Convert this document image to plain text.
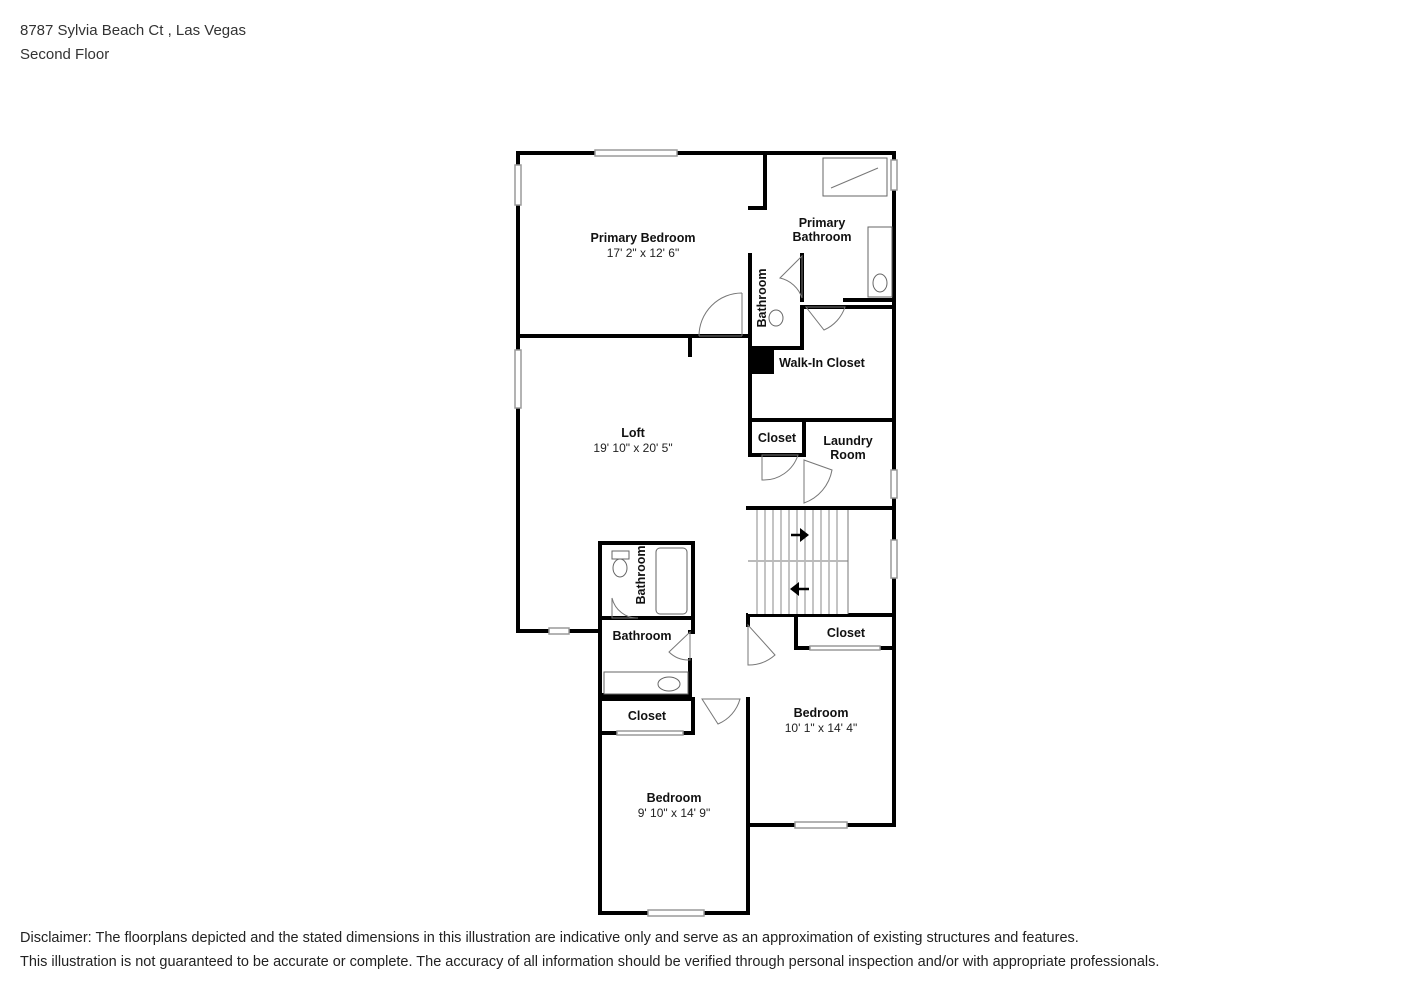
8787 Sylvia Beach Ct , Las Vegas
Second Floor
Primary Bedroom
17' 2" x 12' 6"
Primary
Bathroom
Bathroom
Walk-In Closet
Loft
19' 10" x 20' 5"
Closet Laundry
Room
Bathroom
Bathroom
Closet
Bedroom
9' 10" x 14' 9"
Closet
Bedroom
10' 1" x 14' 4"
Disclaimer: The floorplans depicted and the stated dimensions in this illustration are indicative only and serve as an approximation of existing structures and features.
This illustration is not guaranteed to be accurate or complete. The accuracy of all information should be verified through personal inspection and/or with appropriate professionals.
